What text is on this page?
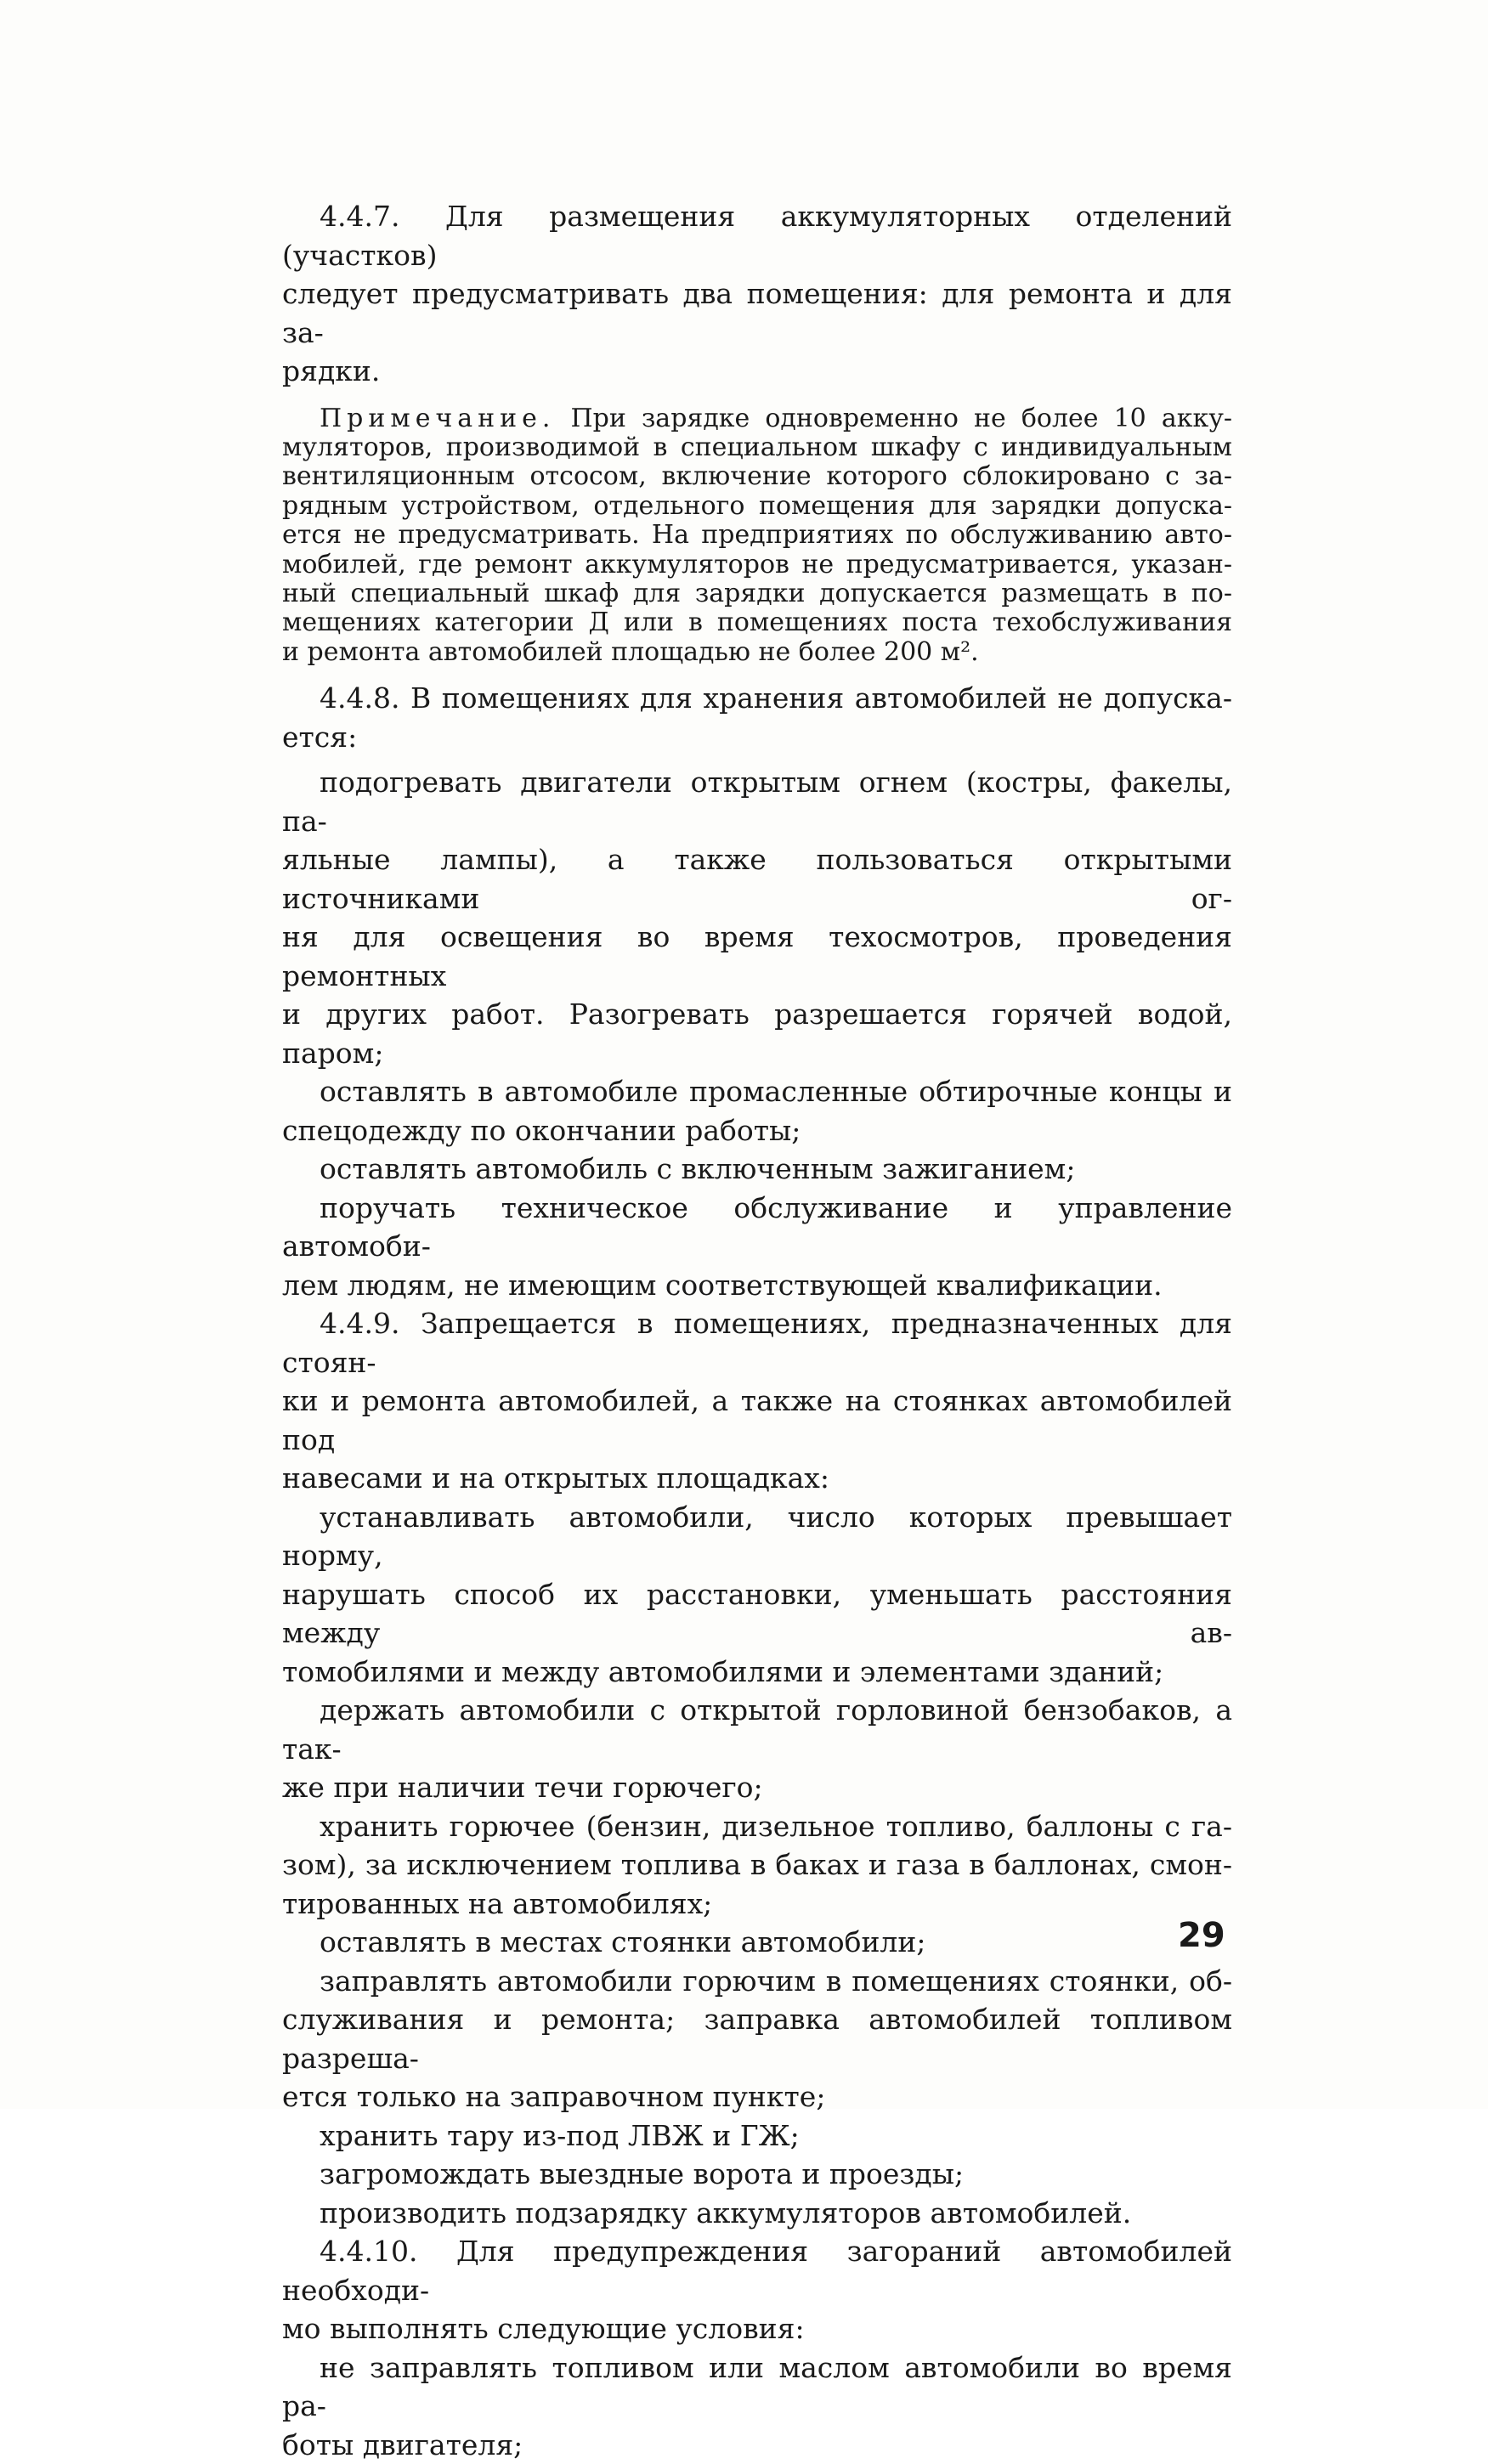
4.4.7. Для размещения аккумуляторных отделений (участков)
следует предусматривать два помещения: для ремонта и для за-
рядки.

Примечание. При зарядке одновременно не более 10 акку-

муляторов, производимой в специальном шкафу с индивидуальным

вентиляционным отсосом, включение которого сблокировано с за-

рядным устройством, отдельного помещения для зарядки допуска-

ется не предусматривать. На предприятиях по обслуживанию авто-

мобилей, где ремонт аккумуляторов не предусматривается, указан-

ный специальный шкаф для зарядки допускается размещать в по-

мещениях категории Д или в помещениях поста техобслуживания

и ремонта автомобилей площадью не более 200 м².

4.4.8. В помещениях для хранения автомобилей не допуска-
ется:
подогревать двигатели открытым огнем (костры, факелы, па-
яльные лампы), а также пользоваться открытыми источниками ог-
ня для освещения во время техосмотров, проведения ремонтных
и других работ. Разогревать разрешается горячей водой, паром;
оставлять в автомобиле промасленные обтирочные концы и
спецодежду по окончании работы;
оставлять автомобиль с включенным зажиганием;
поручать техническое обслуживание и управление автомоби-
лем людям, не имеющим соответствующей квалификации.
4.4.9. Запрещается в помещениях, предназначенных для стоян-
ки и ремонта автомобилей, а также на стоянках автомобилей под
навесами и на открытых площадках:
устанавливать автомобили, число которых превышает норму,
нарушать способ их расстановки, уменьшать расстояния между ав-
томобилями и между автомобилями и элементами зданий;
держать автомобили с открытой горловиной бензобаков, а так-
же при наличии течи горючего;
хранить горючее (бензин, дизельное топливо, баллоны с га-
зом), за исключением топлива в баках и газа в баллонах, смон-
тированных на автомобилях;
оставлять в местах стоянки автомобили;
заправлять автомобили горючим в помещениях стоянки, об-
служивания и ремонта; заправка автомобилей топливом разреша-
ется только на заправочном пункте;
хранить тару из-под ЛВЖ и ГЖ;
загромождать выездные ворота и проезды;
производить подзарядку аккумуляторов автомобилей.
4.4.10. Для предупреждения загораний автомобилей необходи-
мо выполнять следующие условия:
не заправлять топливом или маслом автомобили во время ра-
боты двигателя;
29
